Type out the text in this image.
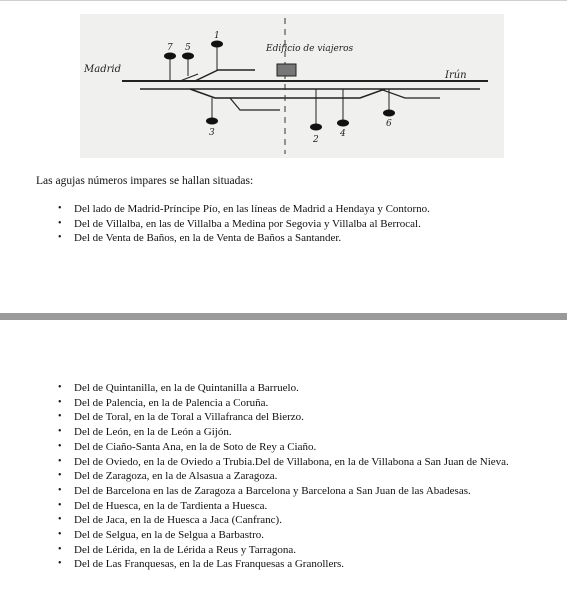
1
7 5
3
2
4
6
Madrid
Irún
Edificio de viajeros

Las agujas números impares se hallan situadas:

• Del lado de Madrid-Príncipe Pío, en las líneas de Madrid a Hendaya y Contorno.
• Del de Villalba, en las de Villalba a Medina por Segovia y Villalba al Berrocal.
• Del de Venta de Baños, en la de Venta de Baños a Santander.
• Del de Quintanilla, en la de Quintanilla a Barruelo.
• Del de Palencia, en la de Palencia a Coruña.
• Del de Toral, en la de Toral a Villafranca del Bierzo.
• Del de León, en la de León a Gijón.
• Del de Ciaño-Santa Ana, en la de Soto de Rey a Ciaño.
• Del de Oviedo, en la de Oviedo a Trubia.Del de Villabona, en la de Villabona a San Juan de Nieva.
• Del de Zaragoza, en la de Alsasua a Zaragoza.
• Del de Barcelona en las de Zaragoza a Barcelona y Barcelona a San Juan de las Abadesas.
• Del de Huesca, en la de Tardienta a Huesca.
• Del de Jaca, en la de Huesca a Jaca (Canfranc).
• Del de Selgua, en la de Selgua a Barbastro.
• Del de Lérida, en la de Lérida a Reus y Tarragona.
• Del de Las Franquesas, en la de Las Franquesas a Granollers.
